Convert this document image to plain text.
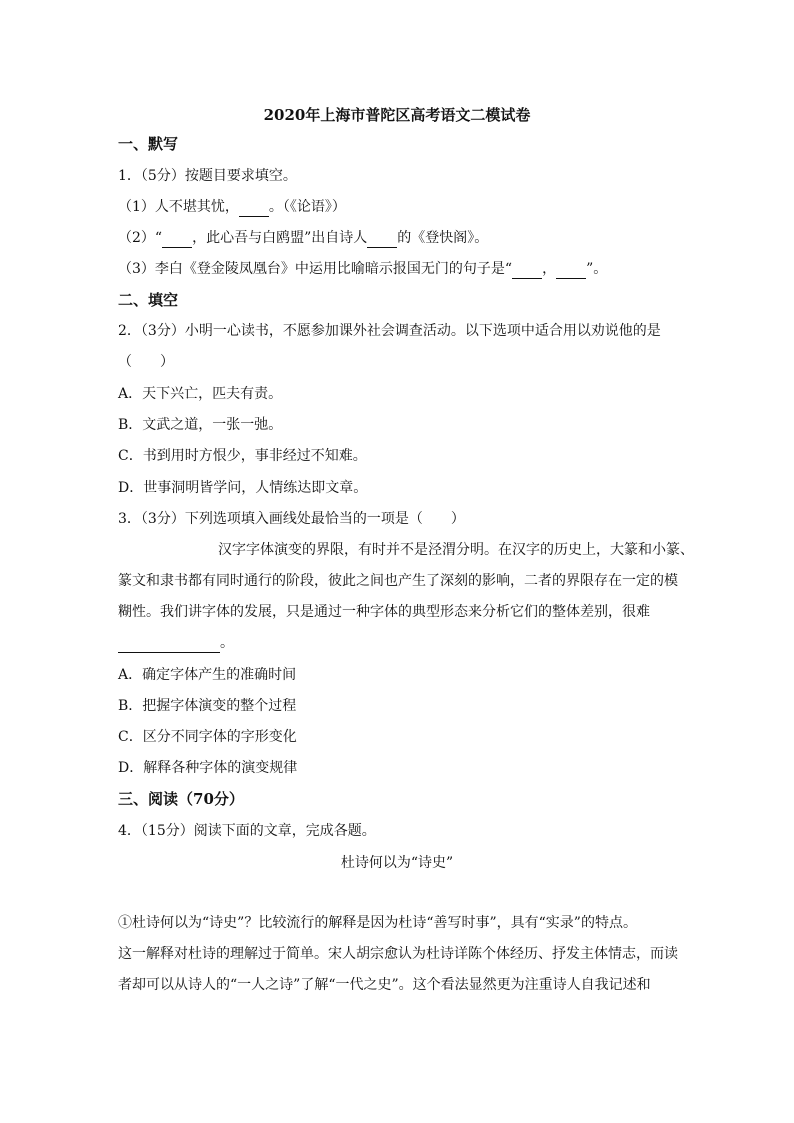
2020年上海市普陀区高考语文二模试卷
一、默写
1．（5分）按题目要求填空。
（1）人不堪其忧， 。（《论语》）
（2）“ ，此心吾与白鸥盟”出自诗人 的《登快阁》。
（3）李白《登金陵凤凰台》中运用比喻暗示报国无门的句子是“ ， ”。
二、填空
2．（3分）小明一心读书，不愿参加课外社会调查活动。以下选项中适合用以劝说他的是
（　　）
A．天下兴亡，匹夫有责。
B．文武之道，一张一弛。
C．书到用时方恨少，事非经过不知难。
D．世事洞明皆学问，人情练达即文章。
3．（3分）下列选项填入画线处最恰当的一项是（　　）
汉字字体演变的界限，有时并不是泾渭分明。在汉字的历史上，大篆和小篆、
篆文和隶书都有同时通行的阶段，彼此之间也产生了深刻的影响，二者的界限存在一定的模
糊性。我们讲字体的发展，只是通过一种字体的典型形态来分析它们的整体差别，很难
。
A．确定字体产生的准确时间
B．把握字体演变的整个过程
C．区分不同字体的字形变化
D．解释各种字体的演变规律
三、阅读（70分）
4．（15分）阅读下面的文章，完成各题。
杜诗何以为“诗史”
①杜诗何以为“诗史”？比较流行的解释是因为杜诗“善写时事”，具有“实录”的特点。
这一解释对杜诗的理解过于简单。宋人胡宗愈认为杜诗详陈个体经历、抒发主体情志，而读
者却可以从诗人的“一人之诗”了解“一代之史”。这个看法显然更为注重诗人自我记述和
